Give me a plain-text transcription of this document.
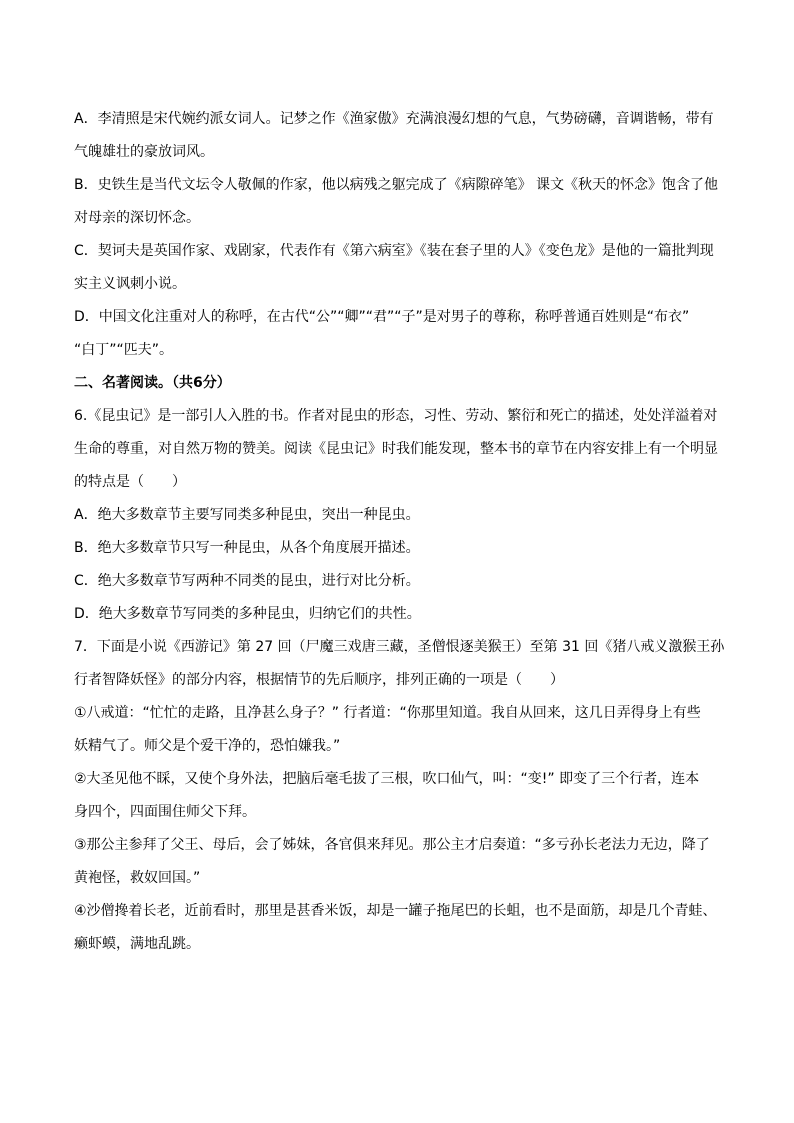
A．李清照是宋代婉约派女词人。记梦之作《渔家傲》充满浪漫幻想的气息，气势磅礴，音调谐畅，带有

气魄雄壮的豪放词风。

B．史铁生是当代文坛令人敬佩的作家，他以病残之躯完成了《病隙碎笔》 课文《秋天的怀念》饱含了他

对母亲的深切怀念。

C．契诃夫是英国作家、戏剧家，代表作有《第六病室》《装在套子里的人》《变色龙》是他的一篇批判现

实主义讽刺小说。

D．中国文化注重对人的称呼，在古代“公”“卿”“君”“子”是对男子的尊称，称呼普通百姓则是“布衣”

“白丁”“匹夫”。

二、名著阅读。（共6分）

6.《昆虫记》是一部引人入胜的书。作者对昆虫的形态，习性、劳动、繁衍和死亡的描述，处处洋溢着对

生命的尊重，对自然万物的赞美。阅读《昆虫记》时我们能发现，整本书的章节在内容安排上有一个明显

的特点是（　　）

A．绝大多数章节主要写同类多种昆虫，突出一种昆虫。

B．绝大多数章节只写一种昆虫，从各个角度展开描述。

C．绝大多数章节写两种不同类的昆虫，进行对比分析。

D．绝大多数章节写同类的多种昆虫，归纳它们的共性。

7．下面是小说《西游记》第 27 回（尸魔三戏唐三藏，圣僧恨逐美猴王）至第 31 回《猪八戒义激猴王孙

行者智降妖怪》的部分内容，根据情节的先后顺序，排列正确的一项是（　　）

①八戒道：“忙忙的走路，且净甚么身子？” 行者道：“你那里知道。我自从回来，这几日弄得身上有些

妖精气了。师父是个爱干净的，恐怕嫌我。”

②大圣见他不睬，又使个身外法，把脑后毫毛拔了三根，吹口仙气，叫：“变!” 即变了三个行者，连本

身四个，四面围住师父下拜。

③那公主参拜了父王、母后，会了姊妹，各官俱来拜见。那公主才启奏道：“多亏孙长老法力无边，降了

黄袍怪，救奴回国。”

④沙僧搀着长老，近前看时，那里是甚香米饭，却是一罐子拖尾巴的长蛆，也不是面筋，却是几个青蛙、

癞虾蟆，满地乱跳。
